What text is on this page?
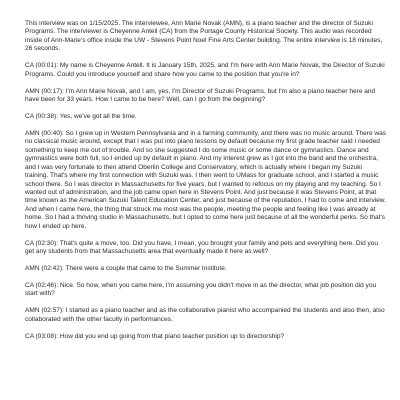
This interview was on 1/15/2025. The interviewee, Ann Marie Novak (AMN), is a piano teacher and the director of Suzuki Programs. The interviewer is Cheyenne Antell (CA) from the Portage County Historical Society. This audio was recorded inside of Ann-Marie's office inside the UW - Stevens Point Noel Fine Arts Center building. The entire interview is 18 minutes, 26 seconds.

CA (00:01): My name is Cheyenne Antell. It is January 15th, 2025, and I'm here with Ann Marie Novak, the Director of Suzuki Programs. Could you introduce yourself and share how you came to the position that you're in?

AMN (00:17): I'm Ann Marie Novak, and I am, yes, I'm Director of Suzuki Programs, but I'm also a piano teacher here and have been for 33 years. How I came to be here? Well, can I go from the beginning?

CA (00:38): Yes, we've got all the time.

AMN (00:40): So I grew up in Western Pennsylvania and in a farming community, and there was no music around. There was no classical music around, except that I was put into piano lessons by default because my first grade teacher said I needed something to keep me out of trouble. And so she suggested I do some music or some dance or gymnastics. Dance and gymnastics were both full, so I ended up by default in piano. And my interest grew as I got into the band and the orchestra, and I was very fortunate to then attend Oberlin College and Conservatory, which is actually where I began my Suzuki training. That's where my first connection with Suzuki was. I then went to UMass for graduate school, and I started a music school there. So I was director in Massachusetts for five years, but I wanted to refocus on my playing and my teaching. So I wanted out of administration, and the job came open here in Stevens Point. And just because it was Stevens Point, at that time known as the American Suzuki Talent Education Center, and just because of the reputation, I had to come and interview. And when I came here, the thing that struck me most was the people, meeting the people and feeling like I was already at home. So I had a thriving studio in Massachusetts, but I opted to come here just because of all the wonderful perks. So that's how I ended up here.

CA (02:30): That's quite a move, too. Did you have, I mean, you brought your family and pets and everything here. Did you get any students from that Massachusetts area that eventually made it here as well?

AMN (02:42): There were a couple that came to the Summer Institute.

CA (02:46): Nice. So how, when you came here, I'm assuming you didn't move in as the director, what job position did you start with?

AMN (02:57): I started as a piano teacher and as the collaborative pianist who accompanied the students and also then, also collaborated with the other faculty in performances.

CA (03:08): How did you end up going from that piano teacher position up to directorship?
